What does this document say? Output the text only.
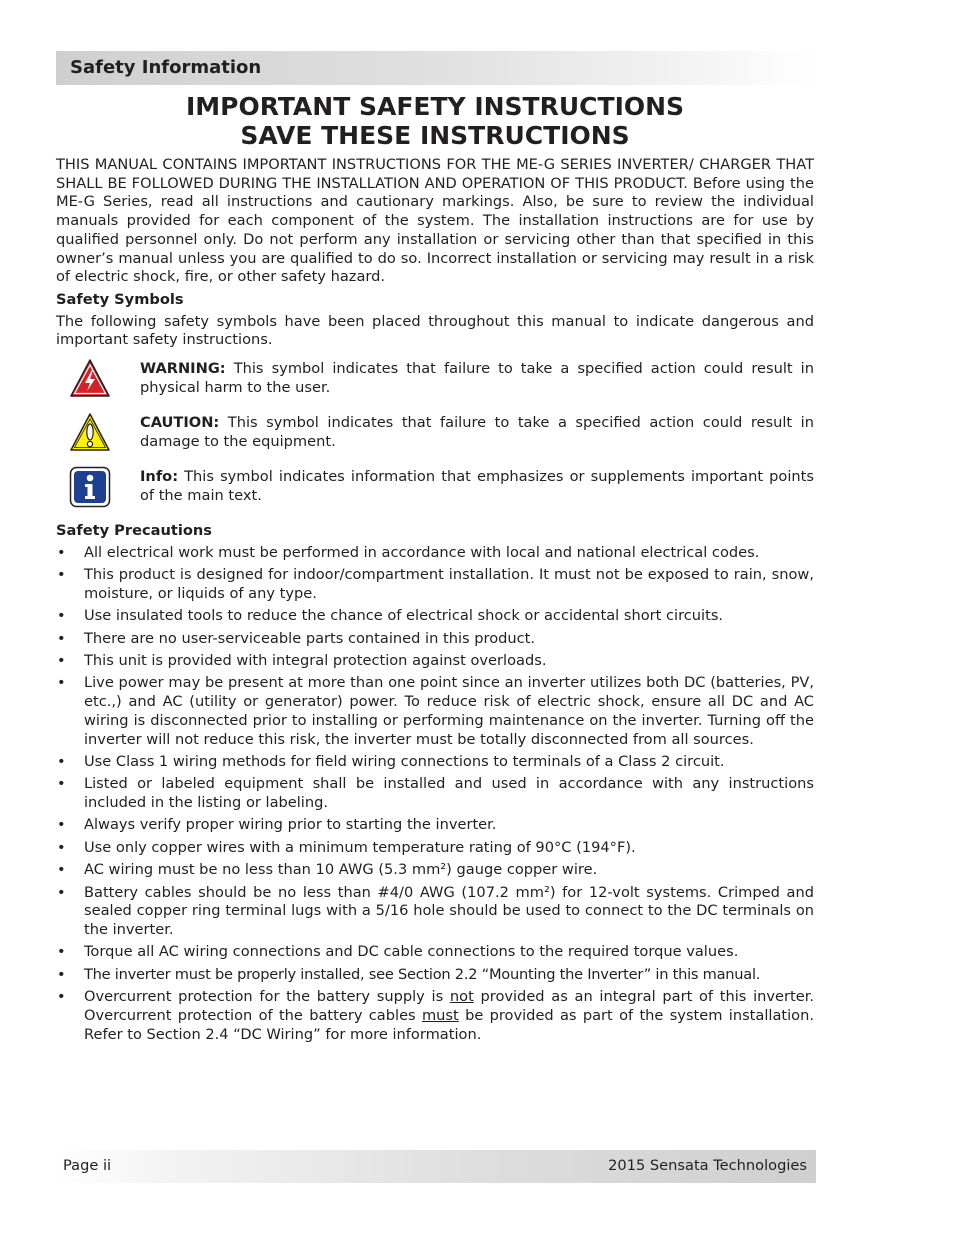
Safety Information
IMPORTANT SAFETY INSTRUCTIONS
SAVE THESE INSTRUCTIONS

THIS MANUAL CONTAINS IMPORTANT INSTRUCTIONS FOR THE ME-G SERIES INVERTER/ CHARGER THAT SHALL BE FOLLOWED DURING THE INSTALLATION AND OPERATION OF THIS PRODUCT. Before using the ME-G Series, read all instructions and cautionary markings. Also, be sure to review the individual manuals provided for each component of the system. The installation instructions are for use by qualified personnel only. Do not perform any installation or servicing other than that specified in this owner’s manual unless you are qualified to do so. Incorrect installation or servicing may result in a risk of electric shock, fire, or other safety hazard.

Safety Symbols

The following safety symbols have been placed throughout this manual to indicate dangerous and important safety instructions.

WARNING: This symbol indicates that failure to take a specified action could result in physical harm to the user.
CAUTION: This symbol indicates that failure to take a specified action could result in damage to the equipment.
Info: This symbol indicates information that emphasizes or supplements important points of the main text.
Safety Precautions
• All electrical work must be performed in accordance with local and national electrical codes.
• This product is designed for indoor/compartment installation. It must not be exposed to rain, snow, moisture, or liquids of any type.
• Use insulated tools to reduce the chance of electrical shock or accidental short circuits.
• There are no user-serviceable parts contained in this product.
• This unit is provided with integral protection against overloads.
• Live power may be present at more than one point since an inverter utilizes both DC (batteries, PV, etc.,) and AC (utility or generator) power. To reduce risk of electric shock, ensure all DC and AC wiring is disconnected prior to installing or performing maintenance on the inverter. Turning off the inverter will not reduce this risk, the inverter must be totally disconnected from all sources.
• Use Class 1 wiring methods for field wiring connections to terminals of a Class 2 circuit.
• Listed or labeled equipment shall be installed and used in accordance with any instructions included in the listing or labeling.
• Always verify proper wiring prior to starting the inverter.
• Use only copper wires with a minimum temperature rating of 90°C (194°F).
• AC wiring must be no less than 10 AWG (5.3 mm²) gauge copper wire.
• Battery cables should be no less than #4/0 AWG (107.2 mm²) for 12-volt systems. Crimped and sealed copper ring terminal lugs with a 5/16 hole should be used to connect to the DC terminals on the inverter.
• Torque all AC wiring connections and DC cable connections to the required torque values.
• The inverter must be properly installed, see Section 2.2 “Mounting the Inverter” in this manual.
• Overcurrent protection for the battery supply is not provided as an integral part of this inverter. Overcurrent protection of the battery cables must be provided as part of the system installation. Refer to Section 2.4 “DC Wiring” for more information.
Page ii	2015 Sensata Technologies
